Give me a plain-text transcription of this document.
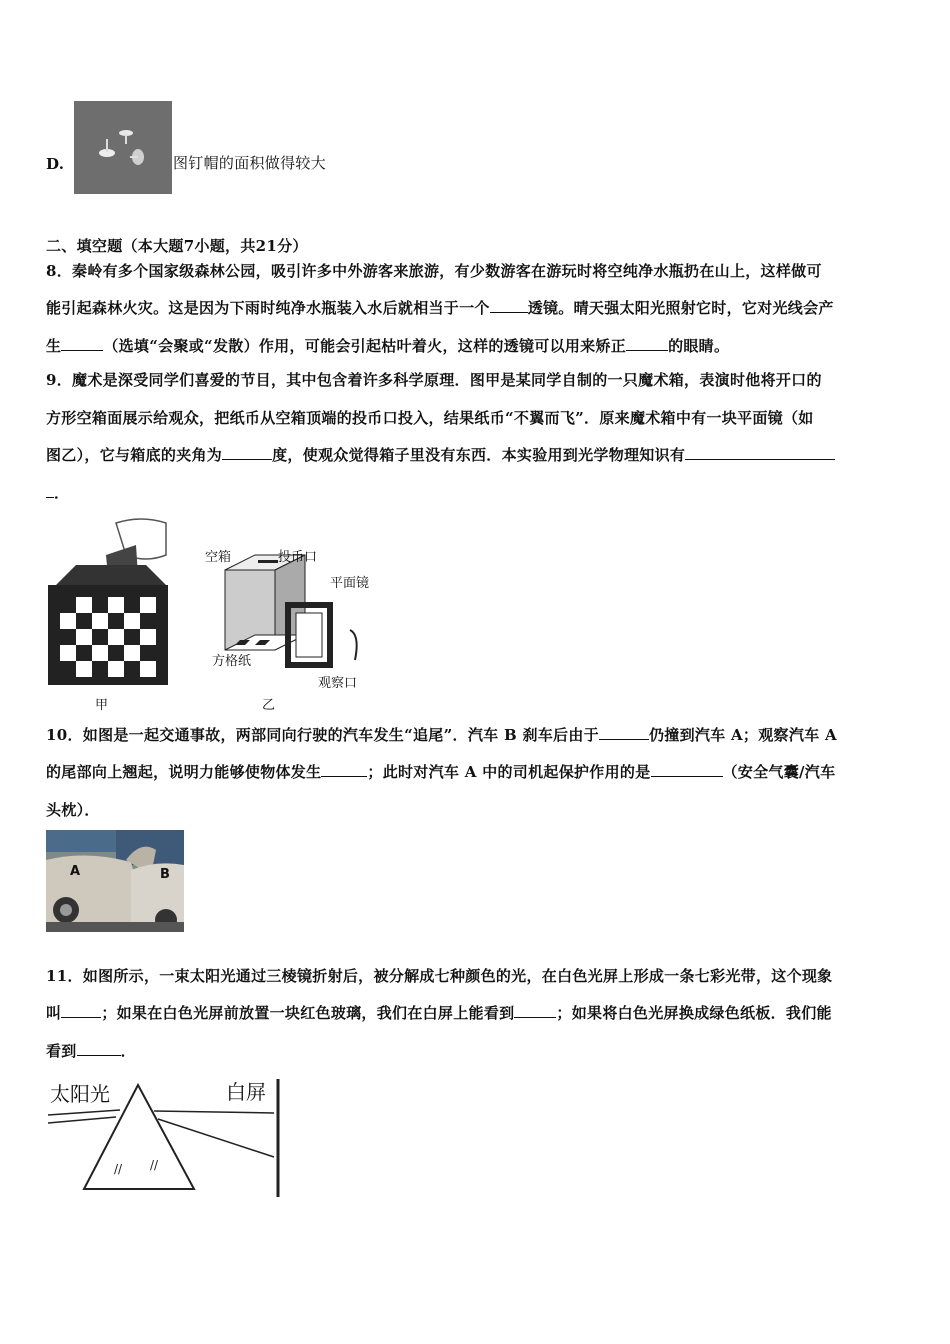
D.	图钉帽的面积做得较大
二、填空题（本大题7小题，共21分）
8．秦岭有多个国家级森林公园，吸引许多中外游客来旅游，有少数游客在游玩时将空纯净水瓶扔在山上，这样做可
能引起森林火灾。这是因为下雨时纯净水瓶装入水后就相当于一个	透镜。晴天强太阳光照射它时，它对光线会产
生	（选填“会聚或“发散）作用，可能会引起枯叶着火，这样的透镜可以用来矫正	的眼睛。
9．魔术是深受同学们喜爱的节目，其中包含着许多科学原理．图甲是某同学自制的一只魔术箱，表演时他将开口的
方形空箱面展示给观众，把纸币从空箱顶端的投币口投入，结果纸币“不翼而飞”．原来魔术箱中有一块平面镜（如
图乙），它与箱底的夹角为	度，使观众觉得箱子里没有东西．本实验用到光学物理知识有
．
甲
空箱	投币口
平面镜
方格纸
观察口
乙
10．如图是一起交通事故，两部同向行驶的汽车发生“追尾”．汽车 B 刹车后由于	仍撞到汽车 A；观察汽车 A
的尾部向上翘起，说明力能够使物体发生	；此时对汽车 A 中的司机起保护作用的是	（安全气囊/汽车
头枕）．
A	B
11．如图所示，一束太阳光通过三棱镜折射后，被分解成七种颜色的光，在白色光屏上形成一条七彩光带，这个现象
叫	；如果在白色光屏前放置一块红色玻璃，我们在白屏上能看到	；如果将白色光屏换成绿色纸板．我们能
看到	．
// //
太阳光	白屏
